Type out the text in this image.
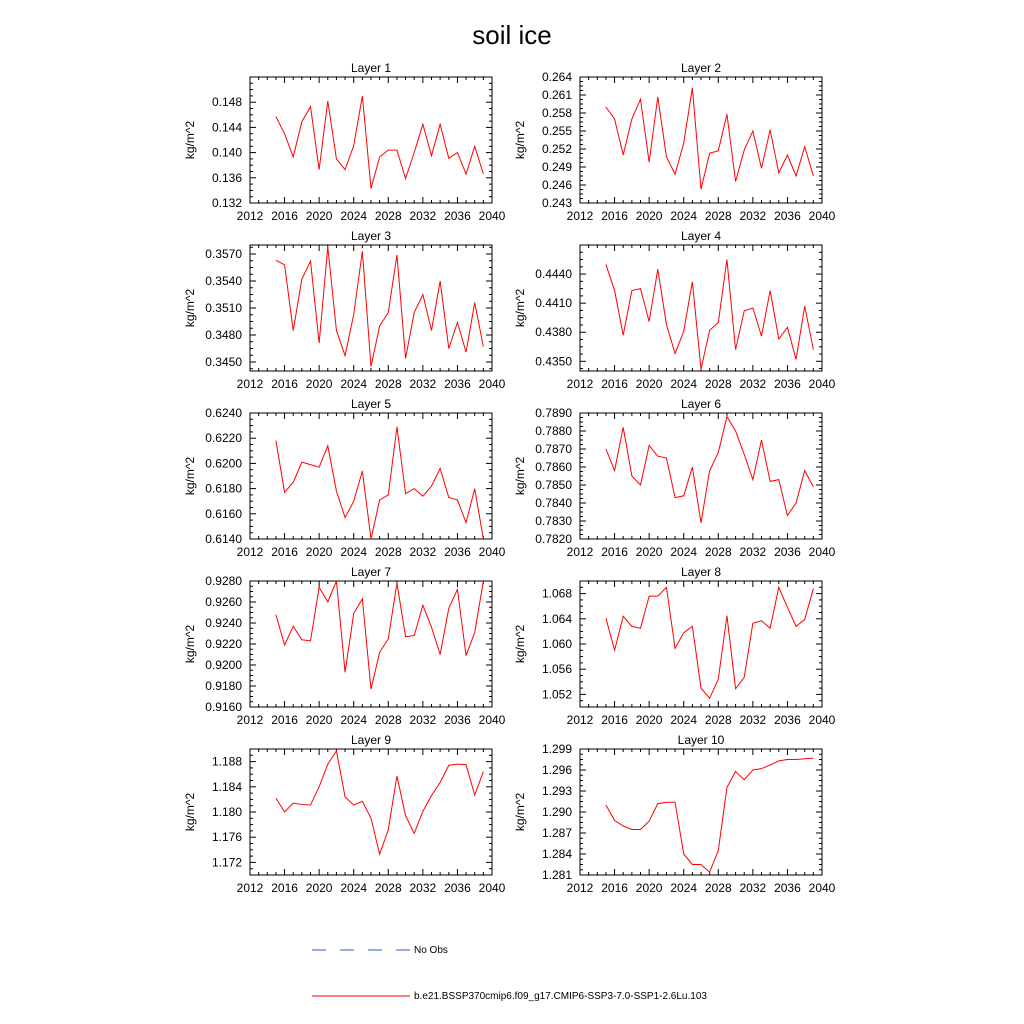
soil ice
Layer 1
kg/m^2
2012 2016 2020 2024 2028 2032 2036 2040
0.132
0.136
0.140
0.144
0.148
Layer 2
kg/m^2
2012 2016 2020 2024 2028 2032 2036 2040
0.243
0.246
0.249
0.252
0.255
0.258
0.261
0.264
Layer 3
kg/m^2
2012 2016 2020 2024 2028 2032 2036 2040
0.3450
0.3480
0.3510
0.3540
0.3570
Layer 4
kg/m^2
2012 2016 2020 2024 2028 2032 2036 2040
0.4350
0.4380
0.4410
0.4440
Layer 5
kg/m^2
2012 2016 2020 2024 2028 2032 2036 2040
0.6140
0.6160
0.6180
0.6200
0.6220
0.6240
Layer 6
kg/m^2
2012 2016 2020 2024 2028 2032 2036 2040
0.7820
0.7830
0.7840
0.7850
0.7860
0.7870
0.7880
0.7890
Layer 7
kg/m^2
2012 2016 2020 2024 2028 2032 2036 2040
0.9160
0.9180
0.9200
0.9220
0.9240
0.9260
0.9280
Layer 8
kg/m^2
2012 2016 2020 2024 2028 2032 2036 2040
1.052
1.056
1.060
1.064
1.068
Layer 9
kg/m^2
2012 2016 2020 2024 2028 2032 2036 2040
1.172
1.176
1.180
1.184
1.188
Layer 10
kg/m^2
2012 2016 2020 2024 2028 2032 2036 2040
1.281
1.284
1.287
1.290
1.293
1.296
1.299
No Obs
b.e21.BSSP370cmip6.f09_g17.CMIP6-SSP3-7.0-SSP1-2.6Lu.103
